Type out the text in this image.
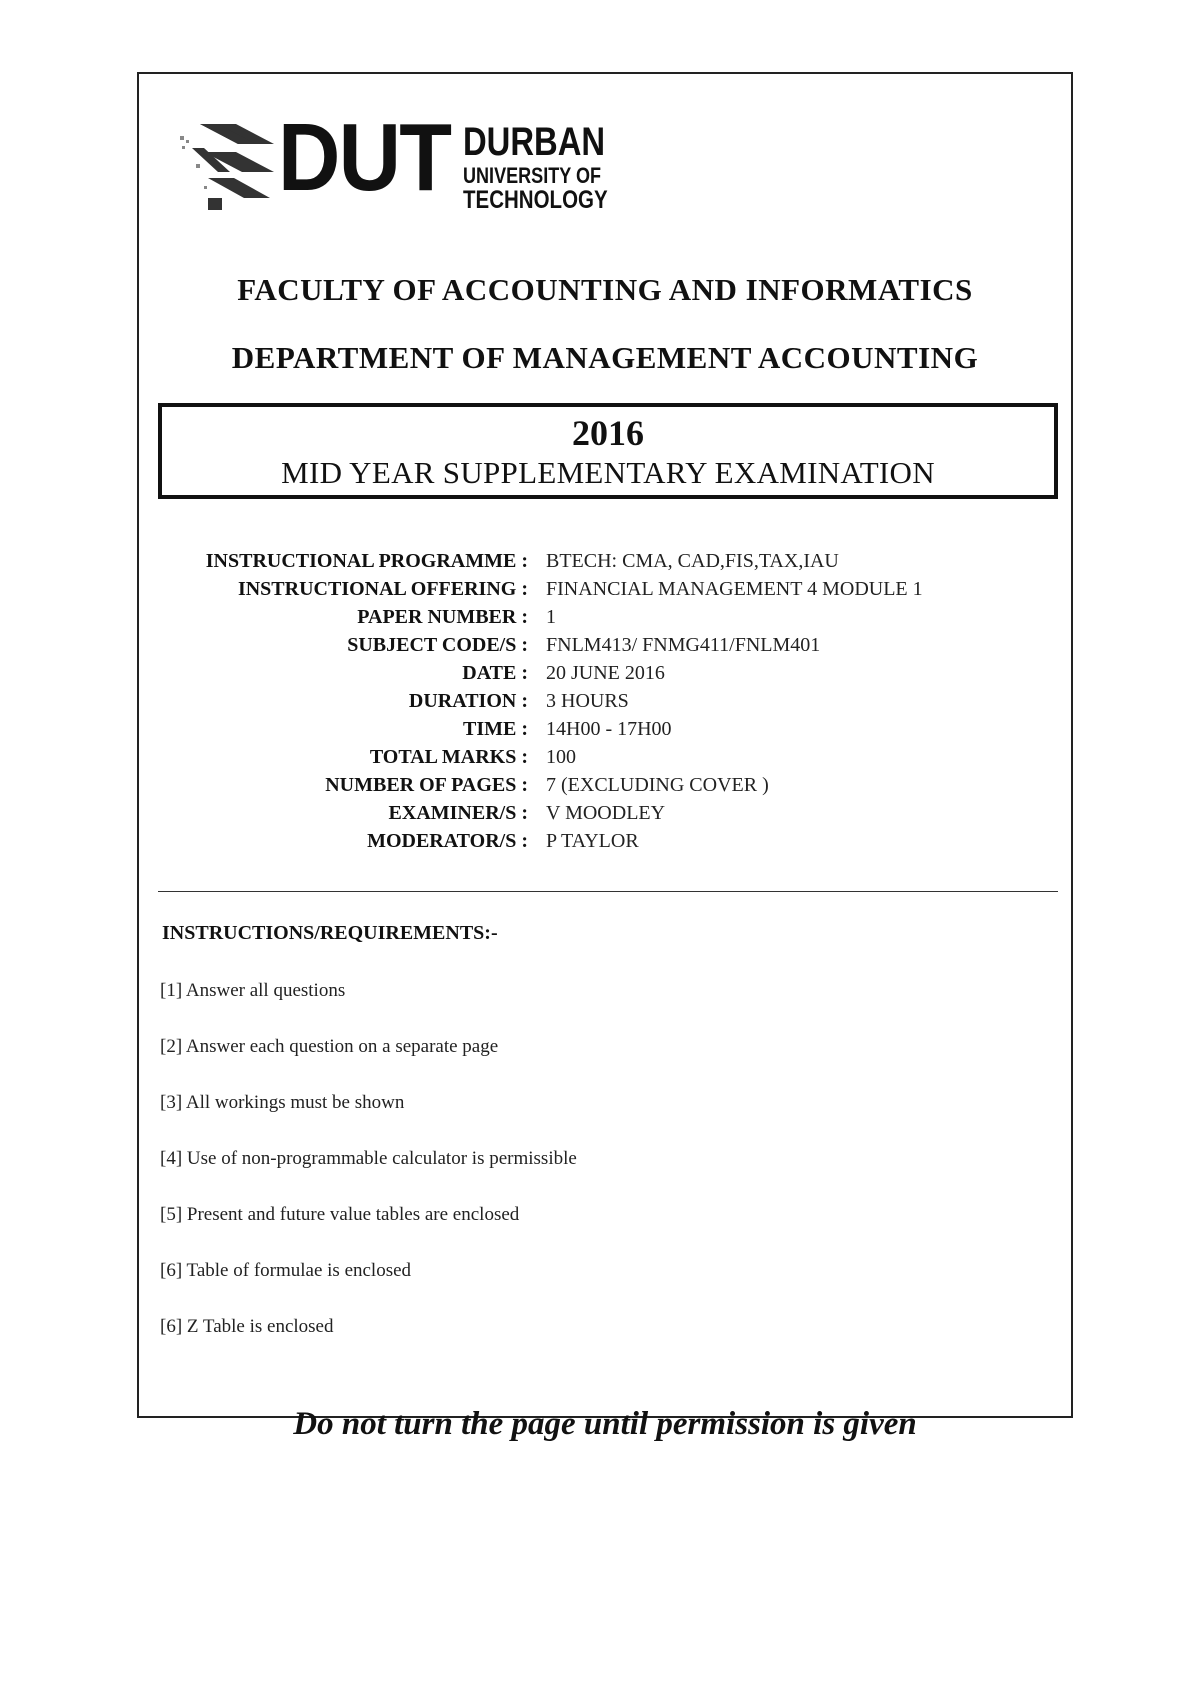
DUT DURBAN
UNIVERSITY OF
TECHNOLOGY
FACULTY OF ACCOUNTING AND INFORMATICS
DEPARTMENT OF MANAGEMENT ACCOUNTING
2016
MID YEAR SUPPLEMENTARY EXAMINATION
INSTRUCTIONAL PROGRAMME : BTECH: CMA, CAD,FIS,TAX,IAU
INSTRUCTIONAL OFFERING : FINANCIAL MANAGEMENT 4 MODULE 1
PAPER NUMBER : 1
SUBJECT CODE/S : FNLM413/ FNMG411/FNLM401
DATE : 20 JUNE 2016
DURATION : 3 HOURS
TIME : 14H00 - 17H00
TOTAL MARKS : 100
NUMBER OF PAGES : 7 (EXCLUDING COVER )
EXAMINER/S : V MOODLEY
MODERATOR/S : P TAYLOR
INSTRUCTIONS/REQUIREMENTS:-
[1] Answer all questions
[2] Answer each question on a separate page
[3] All workings must be shown
[4] Use of non-programmable calculator is permissible
[5] Present and future value tables are enclosed
[6] Table of formulae is enclosed
[6] Z Table is enclosed
Do not turn the page until permission is given
